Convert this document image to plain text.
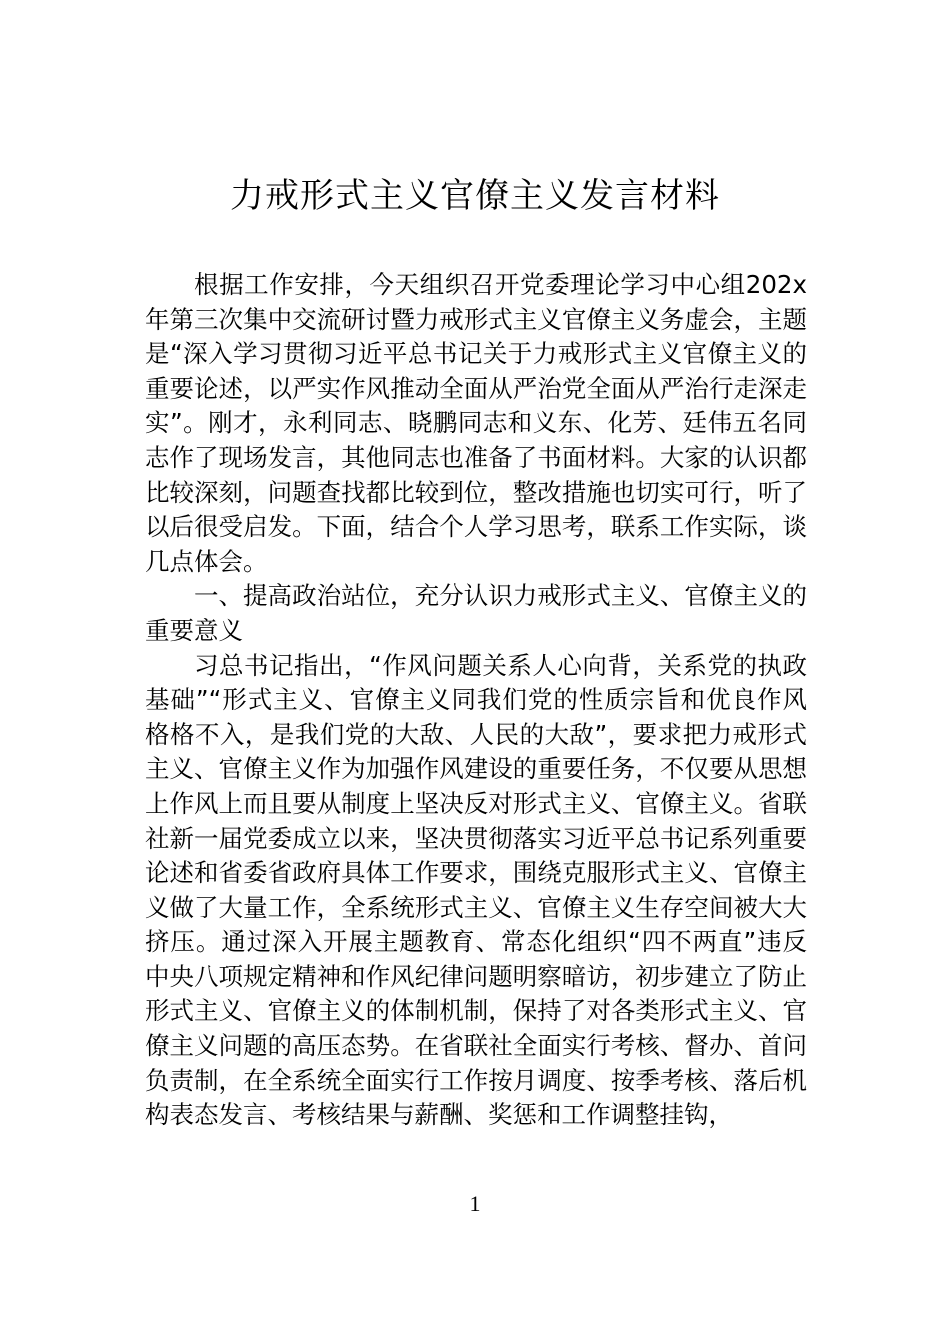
力戒形式主义官僚主义发言材料

根据工作安排，今天组织召开党委理论学习中心组202x年第三次集中交流研讨暨力戒形式主义官僚主义务虚会，主题是“深入学习贯彻习近平总书记关于力戒形式主义官僚主义的重要论述，以严实作风推动全面从严治党全面从严治行走深走实”。刚才，永利同志、晓鹏同志和义东、化芳、廷伟五名同志作了现场发言，其他同志也准备了书面材料。大家的认识都比较深刻，问题查找都比较到位，整改措施也切实可行，听了以后很受启发。下面，结合个人学习思考，联系工作实际，谈几点体会。

一、提高政治站位，充分认识力戒形式主义、官僚主义的重要意义

习总书记指出，“作风问题关系人心向背，关系党的执政基础”“形式主义、官僚主义同我们党的性质宗旨和优良作风格格不入，是我们党的大敌、人民的大敌”，要求把力戒形式主义、官僚主义作为加强作风建设的重要任务，不仅要从思想上作风上而且要从制度上坚决反对形式主义、官僚主义。省联社新一届党委成立以来，坚决贯彻落实习近平总书记系列重要论述和省委省政府具体工作要求，围绕克服形式主义、官僚主义做了大量工作，全系统形式主义、官僚主义生存空间被大大挤压。通过深入开展主题教育、常态化组织“四不两直”违反中央八项规定精神和作风纪律问题明察暗访，初步建立了防止形式主义、官僚主义的体制机制，保持了对各类形式主义、官僚主义问题的高压态势。在省联社全面实行考核、督办、首问负责制，在全系统全面实行工作按月调度、按季考核、落后机构表态发言、考核结果与薪酬、奖惩和工作调整挂钩，

1
